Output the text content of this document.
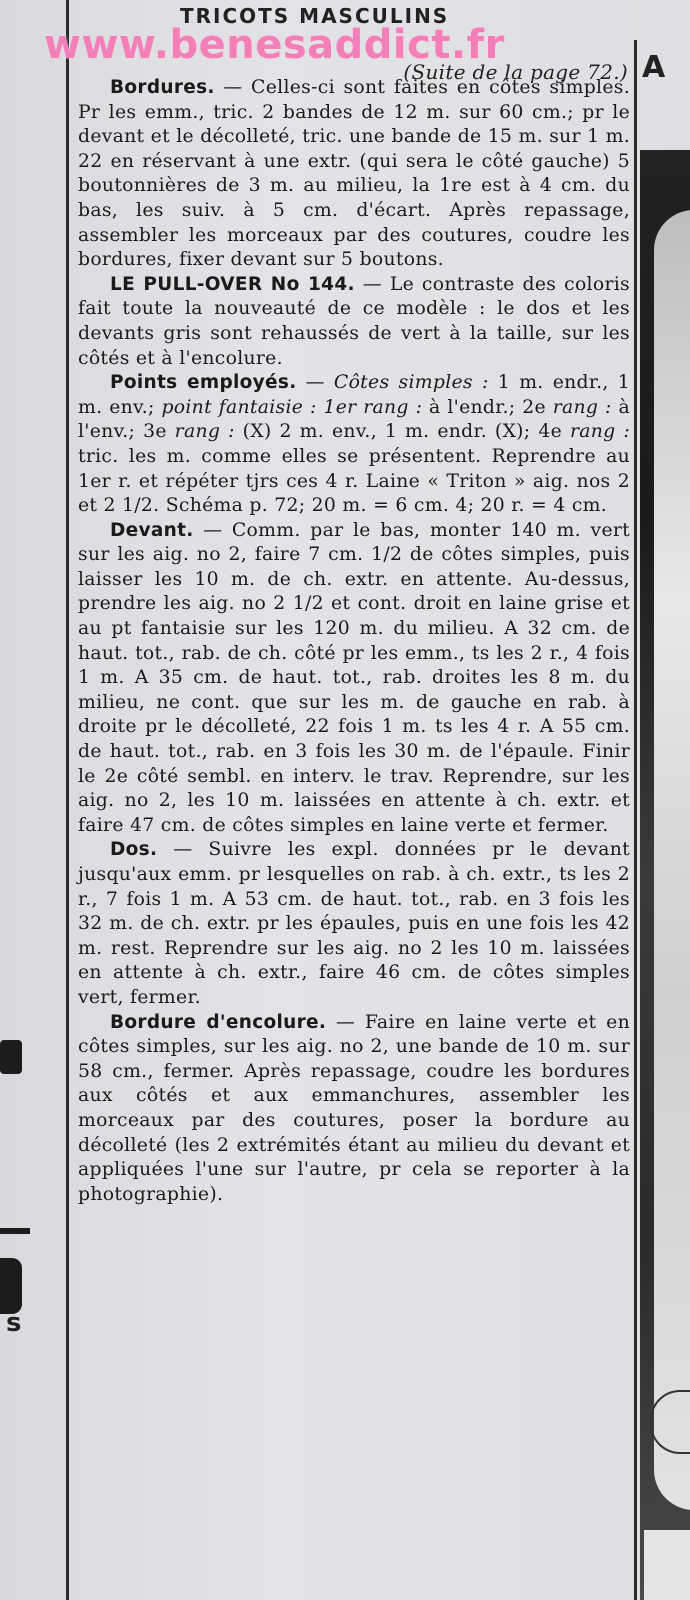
s
A
www.benesaddict.fr
TRICOTS MASCULINS
(Suite de la page 72.)

Bordures. — Celles-ci sont faites en côtes simples. Pr les emm., tric. 2 bandes de 12 m. sur 60 cm.; pr le devant et le décolleté, tric. une bande de 15 m. sur 1 m. 22 en réservant à une extr. (qui sera le côté gauche) 5 boutonnières de 3 m. au milieu, la 1re est à 4 cm. du bas, les suiv. à 5 cm. d'écart. Après repassage, assembler les morceaux par des coutures, coudre les bordures, fixer devant sur 5 boutons.

LE PULL-OVER No 144. — Le contraste des coloris fait toute la nouveauté de ce modèle : le dos et les devants gris sont rehaussés de vert à la taille, sur les côtés et à l'encolure.

Points employés. — Côtes simples : 1 m. endr., 1 m. env.; point fantaisie : 1er rang : à l'endr.; 2e rang : à l'env.; 3e rang : (X) 2 m. env., 1 m. endr. (X); 4e rang : tric. les m. comme elles se présentent. Reprendre au 1er r. et répéter tjrs ces 4 r. Laine « Triton » aig. nos 2 et 2 1/2. Schéma p. 72; 20 m. = 6 cm. 4; 20 r. = 4 cm.

Devant. — Comm. par le bas, monter 140 m. vert sur les aig. no 2, faire 7 cm. 1/2 de côtes simples, puis laisser les 10 m. de ch. extr. en attente. Au-dessus, prendre les aig. no 2 1/2 et cont. droit en laine grise et au pt fantaisie sur les 120 m. du milieu. A 32 cm. de haut. tot., rab. de ch. côté pr les emm., ts les 2 r., 4 fois 1 m. A 35 cm. de haut. tot., rab. droites les 8 m. du milieu, ne cont. que sur les m. de gauche en rab. à droite pr le décolleté, 22 fois 1 m. ts les 4 r. A 55 cm. de haut. tot., rab. en 3 fois les 30 m. de l'épaule. Finir le 2e côté sembl. en interv. le trav. Reprendre, sur les aig. no 2, les 10 m. laissées en attente à ch. extr. et faire 47 cm. de côtes simples en laine verte et fermer.

Dos. — Suivre les expl. données pr le devant jusqu'aux emm. pr lesquelles on rab. à ch. extr., ts les 2 r., 7 fois 1 m. A 53 cm. de haut. tot., rab. en 3 fois les 32 m. de ch. extr. pr les épaules, puis en une fois les 42 m. rest. Reprendre sur les aig. no 2 les 10 m. laissées en attente à ch. extr., faire 46 cm. de côtes simples vert, fermer.

Bordure d'encolure. — Faire en laine verte et en côtes simples, sur les aig. no 2, une bande de 10 m. sur 58 cm., fermer. Après repassage, coudre les bordures aux côtés et aux emmanchures, assembler les morceaux par des coutures, poser la bordure au décolleté (les 2 extrémités étant au milieu du devant et appliquées l'une sur l'autre, pr cela se reporter à la photographie).
